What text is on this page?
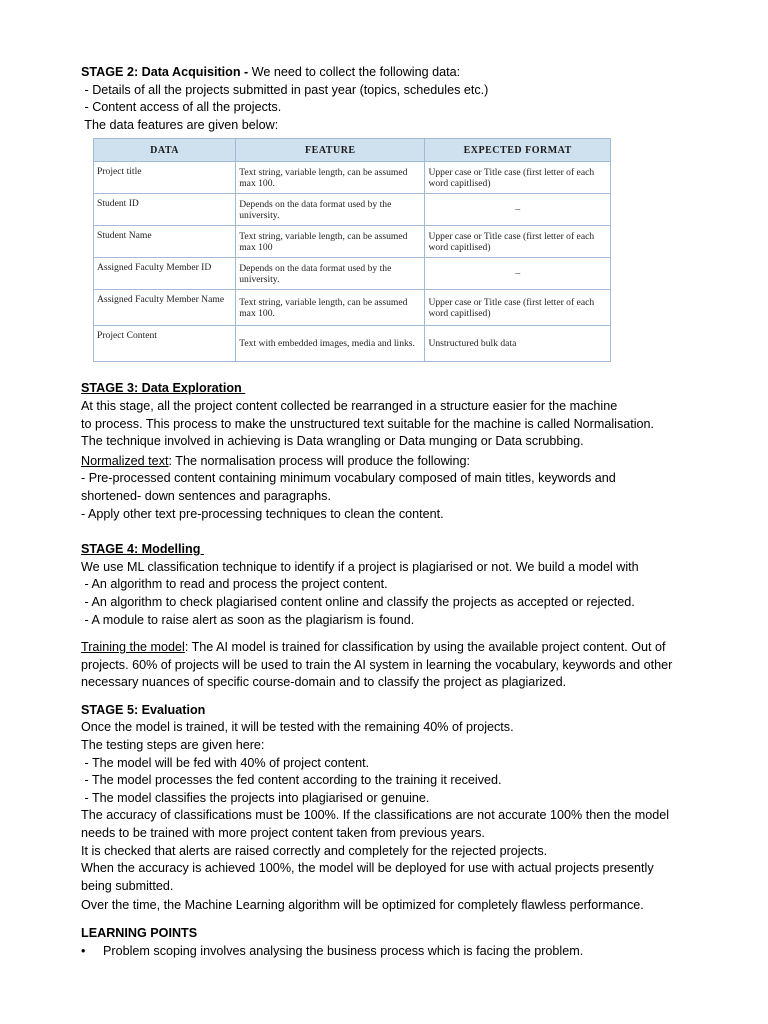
STAGE 2: Data Acquisition - We need to collect the following data:

- Details of all the projects submitted in past year (topics, schedules etc.)

- Content access of all the projects.

The data features are given below:

DATA	FEATURE	EXPECTED FORMAT
Project title	Text string, variable length, can be assumed max 100.	Upper case or Title case (first letter of each word capitlised)
Student ID	Depends on the data format used by the university.	–
Student Name	Text string, variable length, can be assumed max 100	Upper case or Title case (first letter of each word capitlised)
Assigned Faculty Member ID	Depends on the data format used by the university.	–
Assigned Faculty Member Name	Text string, variable length, can be assumed max 100.	Upper case or Title case (first letter of each word capitlised)
Project Content	Text with embedded images, media and links.	Unstructured bulk data

STAGE 3: Data Exploration

At this stage, all the project content collected be rearranged in a structure easier for the machine

to process. This process to make the unstructured text suitable for the machine is called Normalisation.

The technique involved in achieving is Data wrangling or Data munging or Data scrubbing.

Normalized text: The normalisation process will produce the following:

- Pre-processed content containing minimum vocabulary composed of main titles, keywords and

shortened- down sentences and paragraphs.

- Apply other text pre-processing techniques to clean the content.

STAGE 4: Modelling

We use ML classification technique to identify if a project is plagiarised or not. We build a model with

- An algorithm to read and process the project content.

- An algorithm to check plagiarised content online and classify the projects as accepted or rejected.

- A module to raise alert as soon as the plagiarism is found.

Training the model: The AI model is trained for classification by using the available project content. Out of projects. 60% of projects will be used to train the AI system in learning the vocabulary, keywords and other necessary nuances of specific course-domain and to classify the project as plagiarized.

STAGE 5: Evaluation

Once the model is trained, it will be tested with the remaining 40% of projects.

The testing steps are given here:

- The model will be fed with 40% of project content.

- The model processes the fed content according to the training it received.

- The model classifies the projects into plagiarised or genuine.

The accuracy of classifications must be 100%. If the classifications are not accurate 100% then the model needs to be trained with more project content taken from previous years.

It is checked that alerts are raised correctly and completely for the rejected projects.

When the accuracy is achieved 100%, the model will be deployed for use with actual projects presently being submitted.

Over the time, the Machine Learning algorithm will be optimized for completely flawless performance.

LEARNING POINTS

•	Problem scoping involves analysing the business process which is facing the problem.
